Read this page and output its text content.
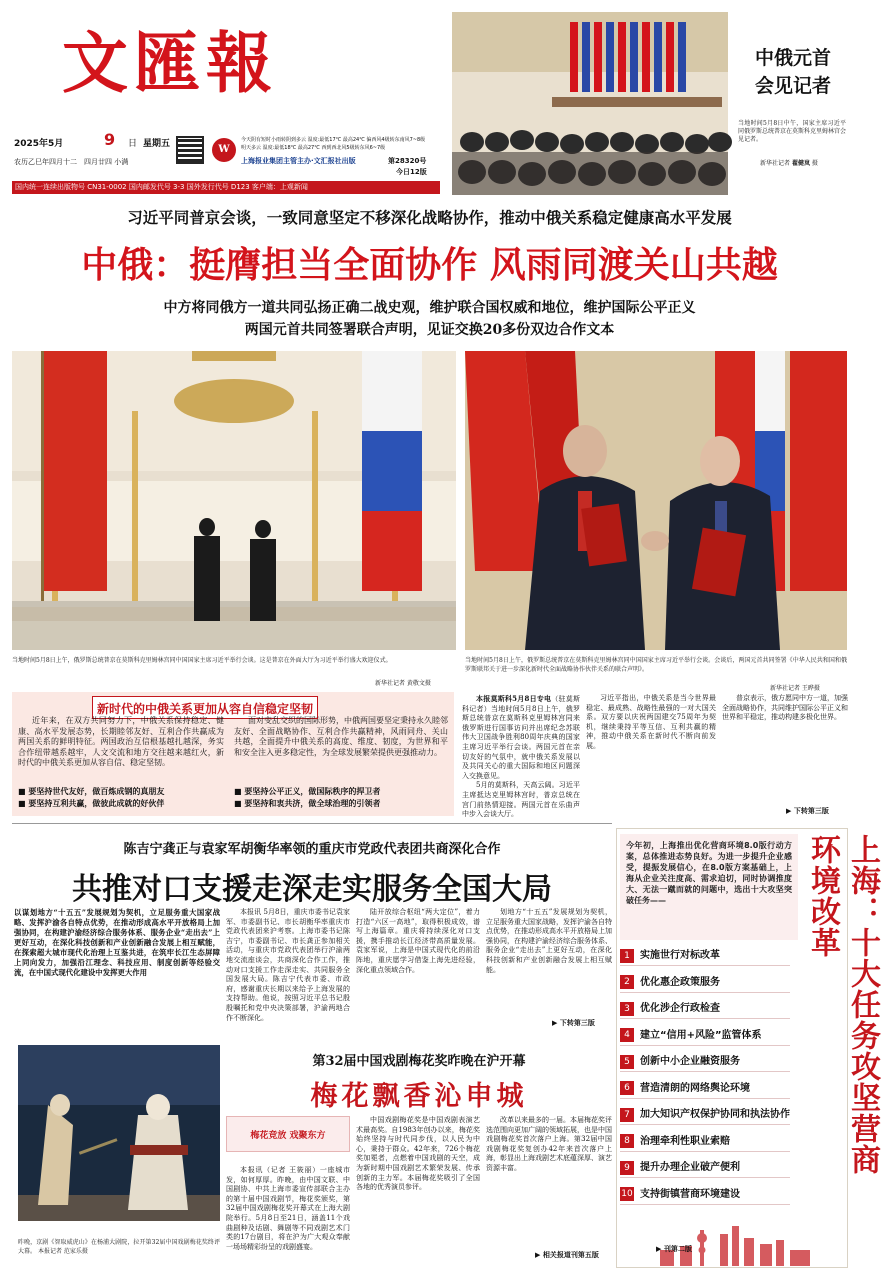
文匯報
2025年5月	9 日 星期五
农历乙巳年四月十二　四月廿四 小满
W
今天阴有短时小雨转阴到多云 温度:最低17℃ 最高24℃ 偏西风4级转东南风7~8级
明天多云 温度:最低18℃ 最高27℃ 西到西北风5级转东风6~7级
上海报业集团主管主办·文汇报社出版	第28320号
今日12版
国内统一连续出版物号 CN31-0002 国内邮发代号 3-3 国外发行代号 D123 客户端：上观新闻
中俄元首
会见记者
当地时间5月8日中午，国家主席习近平同俄罗斯总统普京在莫斯科克里姆林宫会见记者。
新华社记者 翟健岚 摄
习近平同普京会谈，一致同意坚定不移深化战略协作，推动中俄关系稳定健康高水平发展
中俄：挺膺担当全面协作 风雨同渡关山共越
中方将同俄方一道共同弘扬正确二战史观，维护联合国权威和地位，维护国际公平正义
两国元首共同签署联合声明，见证交换20多份双边合作文本
当地时间5月8日上午，俄罗斯总统普京在莫斯科克里姆林宫同中国国家主席习近平举行会谈。这是普京在外面大厅为习近平举行盛大欢迎仪式。
新华社记者 黄敬文摄
当地时间5月8日上午，俄罗斯总统普京在莫斯科克里姆林宫同中国国家主席习近平举行会谈。会谈后，两国元首共同签署《中华人民共和国和俄罗斯联邦关于进一步深化新时代全面战略协作伙伴关系的联合声明》。
新华社记者 王晔摄
新时代的中俄关系更加从容自信稳定坚韧

近年来，在双方共同努力下，中俄关系保持稳定、健康、高水平发展态势，长期睦邻友好、互利合作共赢成为两国关系的鲜明特征。两国政治互信根基越扎越深，务实合作纽带越系越牢，人文交流和地方交往越来越红火，新时代的中俄关系更加从容自信、稳定坚韧。

面对变乱交织的国际形势，中俄两国要坚定秉持永久睦邻友好、全面战略协作、互利合作共赢精神，风雨同舟、关山共越，全面提升中俄关系的高度、维度、韧度，为世界和平和安全注入更多稳定性，为全球发展繁荣提供更强推动力。

■ 要坚持世代友好，做百炼成钢的真朋友
■ 要坚持互利共赢，做彼此成就的好伙伴
■ 要坚持公平正义，做国际秩序的捍卫者
■ 要坚持和衷共济，做全球治理的引领者

本报莫斯科5月8日专电（驻莫斯科记者）当地时间5月8日上午，俄罗斯总统普京在莫斯科克里姆林宫同来俄罗斯进行国事访问并出席纪念苏联伟大卫国战争胜利80周年庆典的国家主席习近平举行会谈。两国元首在亲切友好的气氛中，就中俄关系发展以及共同关心的重大国际和地区问题深入交换意见。

5月的莫斯科，天高云阔。习近平主席抵达克里姆林宫时，普京总统在宫门前热情迎接。两国元首在乐曲声中步入会谈大厅。

习近平指出，中俄关系是当今世界最稳定、最成熟、战略性最强的一对大国关系。双方要以庆祝两国建交75周年为契机，继续秉持平等互信、互利共赢的精神，推动中俄关系在新时代不断向前发展。

普京表示，俄方愿同中方一道，加强全面战略协作，共同维护国际公平正义和世界和平稳定，推动构建多极化世界。

▶ 下转第三版
陈吉宁龚正与袁家军胡衡华率领的重庆市党政代表团共商深化合作
共推对口支援走深走实服务全国大局

以谋划地方“十五五”发展规划为契机，立足服务重大国家战略、发挥沪渝各自特点优势，在推动形成高水平开放格局上加强协同，在构建沪渝经济综合服务体系、服务企业“走出去”上更好互动，在深化科技创新和产业创新融合发展上相互赋能，在探索超大城市现代化治理上互鉴共进，在筑牢长江生态屏障上同向发力，加强沿江理念、科技应用、制度创新等经验交流，在中国式现代化建设中发挥更大作用

本报讯 5月8日，重庆市委书记袁家军、市委副书记、市长胡衡华率重庆市党政代表团来沪考察。上海市委书记陈吉宁，市委副书记、市长龚正参加相关活动，与重庆市党政代表团举行沪渝两地交流座谈会，共商深化合作工作，推动对口支援工作走深走实、共同服务全国发展大局。陈吉宁代表市委、市政府，感谢重庆长期以来给予上海发展的支持帮助。他说，按照习近平总书记殷殷嘱托和党中央决策部署，沪渝两地合作不断深化。

陆开放综合枢纽“两大定位”，着力打造“六区一高地”，取得积极成效，谱写上海篇章。重庆将持续深化对口支援，携手推动长江经济带高质量发展。袁家军说，上海是中国式现代化的前沿阵地，重庆愿学习借鉴上海先进经验，深化重点领域合作。

划地方“十五五”发展规划为契机，立足服务重大国家战略，发挥沪渝各自特点优势，在推动形成高水平开放格局上加强协同，在构建沪渝经济综合服务体系、服务企业“走出去”上更好互动，在深化科技创新和产业创新融合发展上相互赋能。

▶ 下转第三版
昨晚，京剧《智取威虎山》在杨浦大剧院，拉开第32届中国戏剧梅花奖终评大幕。 本报记者 范家乐摄
第32届中国戏剧梅花奖昨晚在沪开幕
梅花飘香沁申城
梅花竞放 戏聚东方

本报讯（记者 王筱丽）一座城市发，如何厚厚。昨晚，由中国文联、中国剧协、中共上海市委宣传部联合主办的第十届中国戏剧节，梅花奖颁奖，第32届中国戏剧梅花奖开幕式在上海大剧院举行。5月8日至21日，涵盖11个戏曲剧种及话剧、舞剧等不同戏剧艺术门类的17台剧目，将在沪为广大观众奉献一场场精彩纷呈的戏剧盛宴。

中国戏剧梅花奖是中国戏剧表演艺术最高奖。自1983年创办以来，梅花奖始终坚持与时代同步伐，以人民为中心，秉持于群众。42年来，726个梅花奖加冕者，点燃着中国戏剧的天空，成为新时期中国戏剧艺术繁荣发展、传承创新的主力军。本届梅花奖吸引了全国各地的优秀演员参评。

改革以来最多的一届。本届梅花奖评选范围向更加广阔的领域拓展，也是中国戏剧梅花奖首次落户上海。第32届中国戏剧梅花奖复创办42年来首次落户上海，彰显出上海戏剧艺术底蕴深厚、演艺资源丰富。

▶ 相关报道刊第五版

今年初，上海推出优化营商环境8.0版行动方案，总体推进态势良好。为进一步提升企业感受，提振发展信心，在8.0版方案基础上，上海从企业关注度高、需求迫切，同时协调推度大、无法一蹴而就的问题中，选出十大攻坚突破任务——	上海：十大任务攻坚营商环境改革
1	实施世行对标改革
2	优化惠企政策服务
3	优化涉企行政检查
4	建立“信用+风险”监管体系
5	创新中小企业融资服务
6	营造清朗的网络舆论环境
7	加大知识产权保护协同和执法协作
8	治理牵利性职业索赔
9	提升办理企业破产便利
10 支持街镇营商环境建设
▶ 刊第二版
